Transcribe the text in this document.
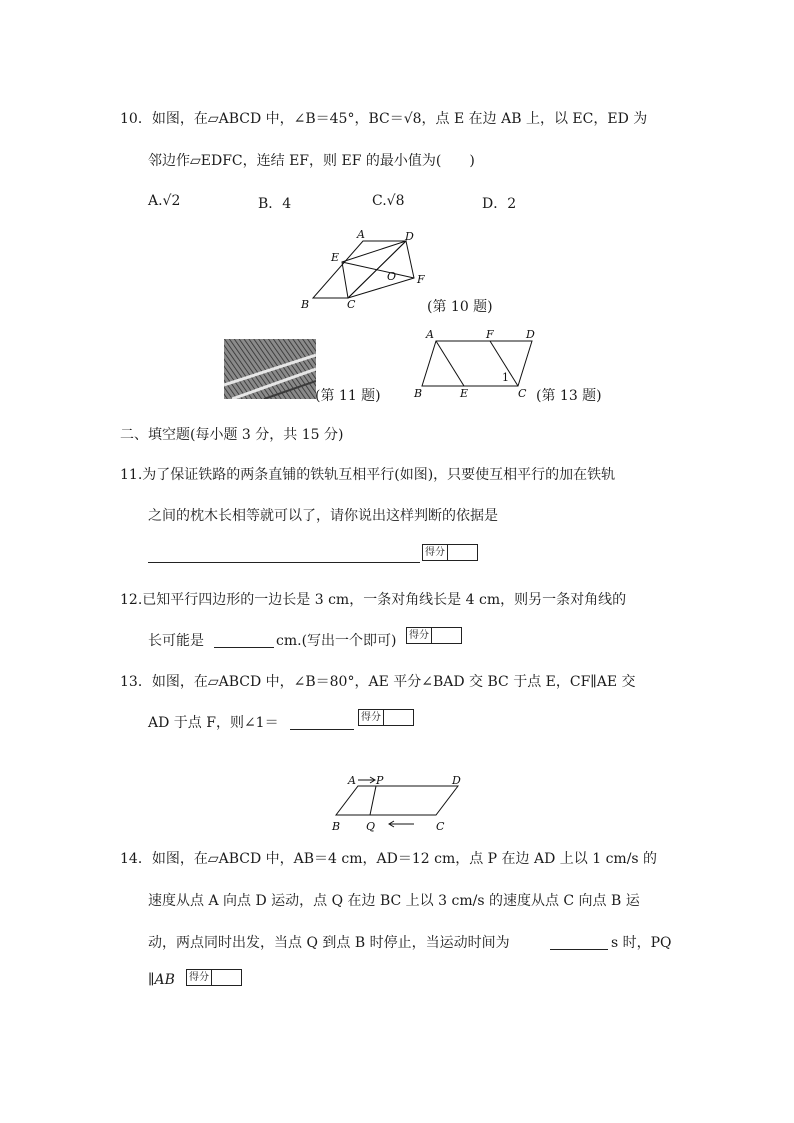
10．如图，在▱ABCD 中，∠B＝45°，BC＝√8，点 E 在边 AB 上，以 EC，ED 为
邻边作▱EDFC，连结 EF，则 EF 的最小值为(　　)
A.√2	B．4	C.√8	D．2
A	D
E
O F
B	C	(第 10 题)
(第 11 题)
A	F	D
1
B	E	C (第 13 题)
二、填空题(每小题 3 分，共 15 分)
11.为了保证铁路的两条直铺的铁轨互相平行(如图)，只要使互相平行的加在铁轨
之间的枕木长相等就可以了，请你说出这样判断的依据是
得分
12.已知平行四边形的一边长是 3 cm，一条对角线长是 4 cm，则另一条对角线的
长可能是	cm.(写出一个即可) 得分
13．如图，在▱ABCD 中，∠B＝80°，AE 平分∠BAD 交 BC 于点 E，CF∥AE 交
AD 于点 F，则∠1＝	得分
A P	D
B Q	C
14．如图，在▱ABCD 中，AB＝4 cm，AD＝12 cm，点 P 在边 AD 上以 1 cm/s 的
速度从点 A 向点 D 运动，点 Q 在边 BC 上以 3 cm/s 的速度从点 C 向点 B 运
动，两点同时出发，当点 Q 到点 B 时停止，当运动时间为	s 时，PQ
∥AB 得分
